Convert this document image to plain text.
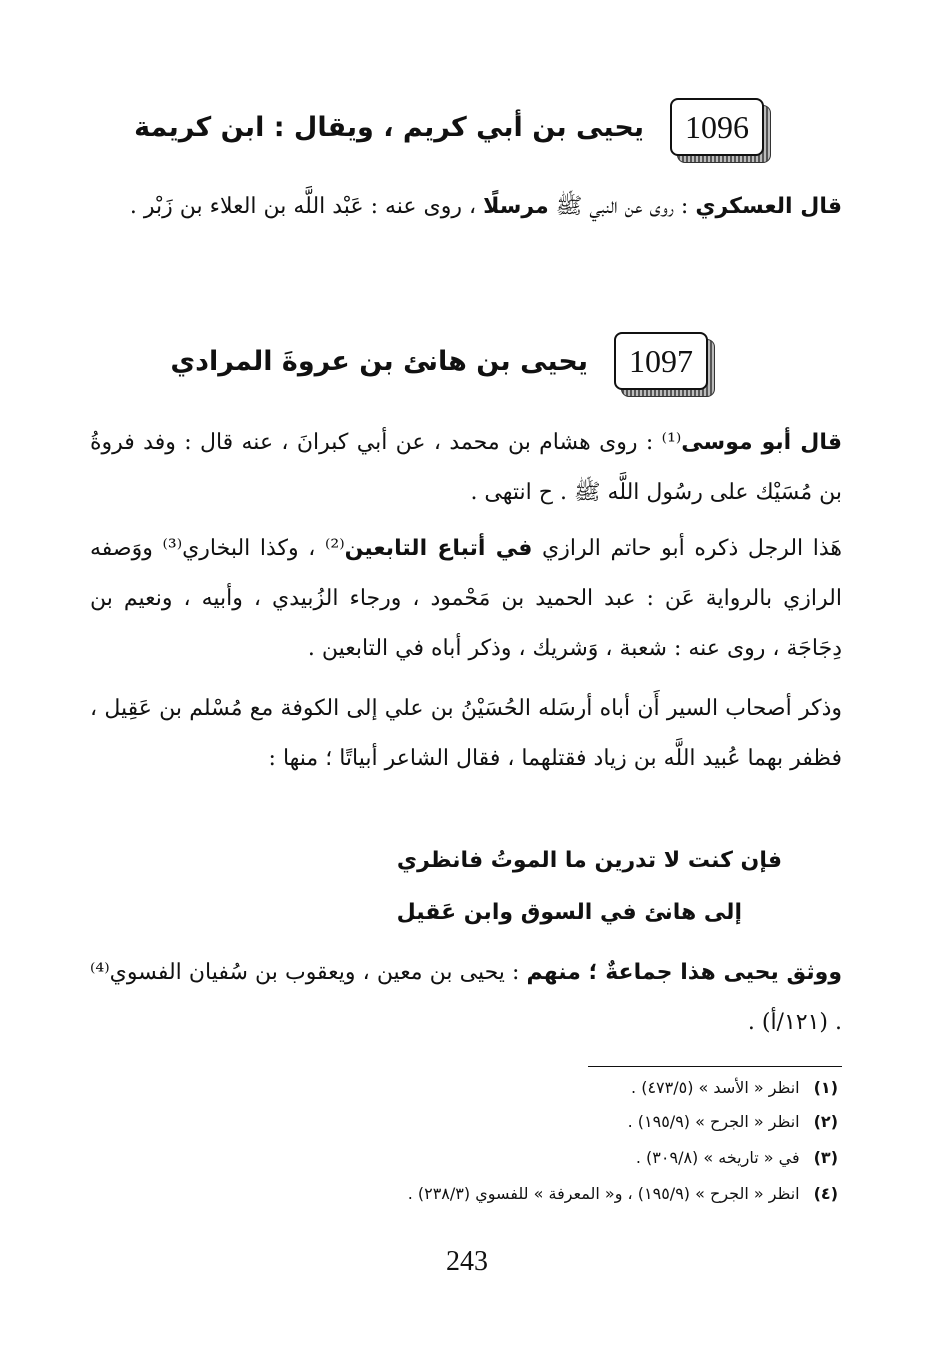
1096
يحيى بن أبي كريم ، ويقال : ابن كريمة

قال العسكري : روى عن النبي ﷺ مرسلًا ، روى عنه : عَبْد اللَّه بن العلاء بن زَبْر .

1097
يحيى بن هانئ بن عروةَ المرادي

قال أبو موسى⁽¹⁾ : روى هشام بن محمد ، عن أبي كبرانَ ، عنه قال : وفد فروةُ بن مُسَيْك على رسُول اللَّه ﷺ . ح انتهى .

هَذا الرجل ذكره أبو حاتم الرازي في أتباع التابعين⁽²⁾ ، وكذا البخاري⁽³⁾ ووَصفه الرازي بالرواية عَن : عبد الحميد بن مَحْمود ، ورجاء الزُبيدي ، وأبيه ، ونعيم بن دِجَاجَة ، روى عنه : شعبة ، وَشريك ، وذكر أباه في التابعين .

وذكر أصحاب السير أَن أباه أرسَله الحُسَيْنُ بن علي إلى الكوفة مع مُسْلم بن عَقِيل ، فظفر بهما عُبيد اللَّه بن زياد فقتلهما ، فقال الشاعر أبياتًا ؛ منها :

فإن كنت لا تدرين ما الموتُ فانظري
إلى هانئ في السوق وابن عَقيل

ووثق يحيى هذا جماعةٌ ؛ منهم : يحيى بن معين ، ويعقوب بن سُفيان الفسوي⁽⁴⁾ . (١٢١/أ) .

(١)انظر « الأسد » (٤٧٣/٥) .
(٢)انظر « الجرح » (١٩٥/٩) .
(٣)في « تاريخه » (٣٠٩/٨) .
(٤)انظر « الجرح » (١٩٥/٩) ، و« المعرفة » للفسوي (٢٣٨/٣) .
243
